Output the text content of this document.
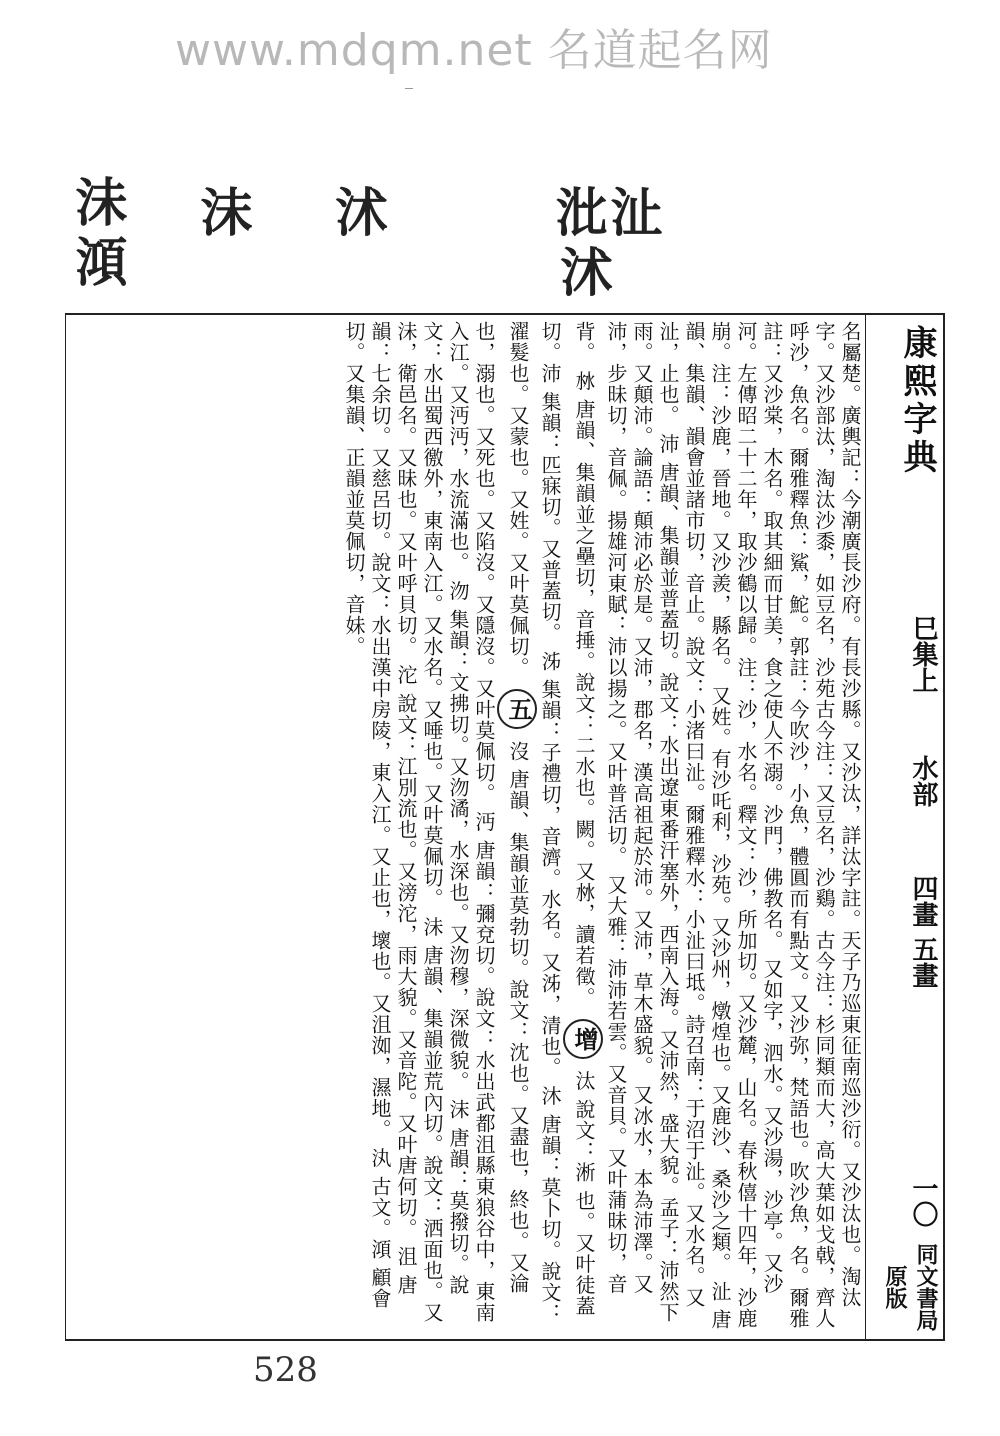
www.mdqm.net 名道起名网
沬
澒
沫 沭	沘
沚
沭
名屬楚。廣輿記：今潮廣長沙府。有長沙縣。又沙汰，詳汰字註。天子乃巡東征南巡沙衍。又沙汰也。淘汰字。又沙部汰，淘汰沙黍，如豆名，沙苑古今注：又豆名，沙鷄。古今注：杉同類而大，高大葉如戈戟，齊人呼沙，魚名。爾雅釋魚：鯊，鮀。郭註：今吹沙，小魚，體圓而有點文。又沙弥，梵語也。吹沙魚，名。爾雅註：又沙棠，木名。取其細而甘美，食之使人不溺。沙門，佛教名。 又如字，泗水。又沙湯，沙亭。又沙河。左傳昭二十二年，取沙鶴以歸。注：沙，水名。釋文：沙，所加切。又沙麓，山名。春秋僖十四年，沙鹿崩。注：沙鹿，晉地。又沙羨，縣名。 又姓。有沙吒利，沙苑。又沙州，燉煌也。又鹿沙、桑沙之類。 沚 唐韻、集韻、韻會並諸市切，音止。說文：小渚曰沚。爾雅釋水：小沚曰坻。詩召南：于沼于沚。又水名。又沚，止也。 沛 唐韻、集韻並普蓋切。說文：水出遼東番汗塞外，西南入海。又沛然，盛大貌。孟子：沛然下雨。又顛沛。論語：顛沛必於是。又沛，郡名，漢高祖起於沛。又沛，草木盛貌。 又冰水，本為沛澤。又沛，步昧切，音佩。揚雄河東賦：沛以揚之。又叶普活切。 又大雅：沛沛若雲。又音貝。又叶蒲昧切，音背。 沝 唐韻、集韻並之壘切，音捶。說文：二水也。闕。又沝，讀若徵。 增 汰 說文：淅 也。又叶徒蓋切。沛 集韻：匹寐切。又普蓋切。 泲 集韻：子禮切，音濟。水名。又泲，清也。 沐 唐韻：莫卜切。說文：濯髮也。又蒙也。又姓。又叶莫佩切。 五 沒 唐韻、集韻並莫勃切。說文：沈也。又盡也，終也。又淪也，溺也。又死也。又陷沒。又隱沒。又叶莫佩切。 沔 唐韻：彌兗切。說文：水出武都沮縣東狼谷中，東南入江。又沔沔，水流滿也。 沕 集韻：文拂切。又沕潏，水深也。又沕穆，深微貌。 沫 唐韻：莫撥切。說文：水出蜀西徼外，東南入江。又水名。又唾也。又叶莫佩切。 沬 唐韻、集韻並荒內切。說文：洒面也。又沬，衛邑名。又昧也。又叶呼貝切。 沱 說文：江別流也。又滂沱，雨大貌。又音陀。又叶唐何切。 沮 唐韻：七余切。又慈呂切。說文：水出漢中房陵，東入江。又止也，壞也。又沮洳，濕地。 汍 古文。澒 顧會切。又集韻、正韻並莫佩切，音妹。	康熙字典
巳集上
水部
四畫 五畫
一〇
同文書局原版
528
